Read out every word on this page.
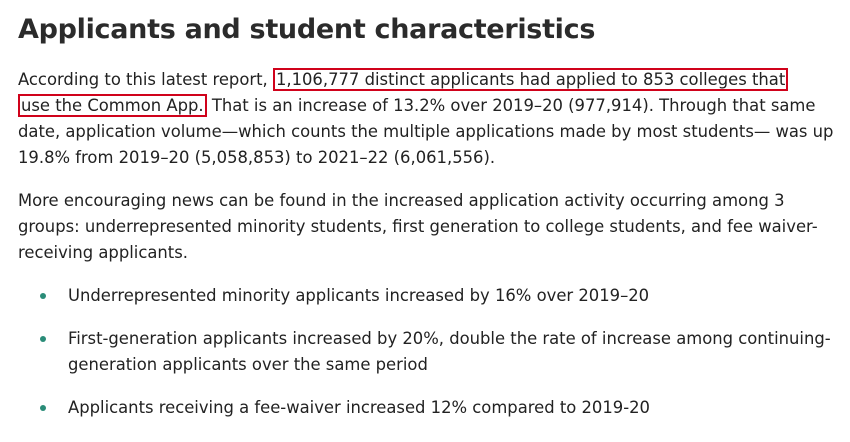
Applicants and student characteristics
According to this latest report, 1,106,777 distinct applicants had applied to 853 colleges that
use the Common App. That is an increase of 13.2% over 2019–20 (977,914). Through that same date, application volume—which counts the multiple applications made by most students— was up 19.8% from 2019–20 (5,058,853) to 2021–22 (6,061,556).
More encouraging news can be found in the increased application activity occurring among 3 groups: underrepresented minority students, first generation to college students, and fee waiver-receiving applicants.
Underrepresented minority applicants increased by 16% over 2019–20
First-generation applicants increased by 20%, double the rate of increase among continuing-generation applicants over the same period
Applicants receiving a fee-waiver increased 12% compared to 2019-20
